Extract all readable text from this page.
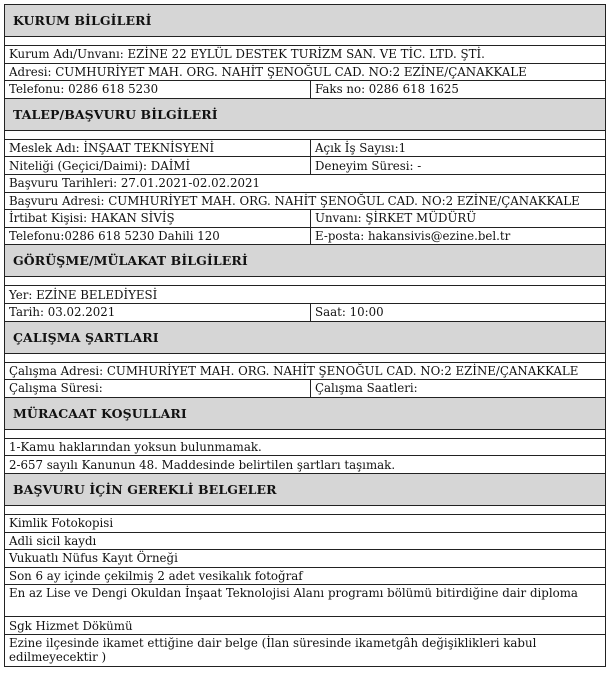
KURUM BİLGİLERİ
Kurum Adı/Unvanı: EZİNE 22 EYLÜL DESTEK TURİZM SAN. VE TİC. LTD. ŞTİ.
Adresi: CUMHURİYET MAH. ORG. NAHİT ŞENOĞUL CAD. NO:2 EZİNE/ÇANAKKALE
Telefonu: 0286 618 5230	Faks no: 0286 618 1625
TALEP/BAŞVURU BİLGİLERİ
Meslek Adı: İNŞAAT TEKNİSYENİ	Açık İş Sayısı:1
Niteliği (Geçici/Daimi): DAİMİ	Deneyim Süresi: -
Başvuru Tarihleri: 27.01.2021-02.02.2021
Başvuru Adresi: CUMHURİYET MAH. ORG. NAHİT ŞENOĞUL CAD. NO:2 EZİNE/ÇANAKKALE
İrtibat Kişisi: HAKAN SİVİŞ	Unvanı: ŞİRKET MÜDÜRÜ
Telefonu:0286 618 5230 Dahili 120	E-posta: hakansivis@ezine.bel.tr
GÖRÜŞME/MÜLAKAT BİLGİLERİ
Yer: EZİNE BELEDİYESİ
Tarih: 03.02.2021	Saat: 10:00
ÇALIŞMA ŞARTLARI
Çalışma Adresi: CUMHURİYET MAH. ORG. NAHİT ŞENOĞUL CAD. NO:2 EZİNE/ÇANAKKALE
Çalışma Süresi:	Çalışma Saatleri:
MÜRACAAT KOŞULLARI
1-Kamu haklarından yoksun bulunmamak.
2-657 sayılı Kanunun 48. Maddesinde belirtilen şartları taşımak.
BAŞVURU İÇİN GEREKLİ BELGELER
Kimlik Fotokopisi
Adli sicil kaydı
Vukuatlı Nüfus Kayıt Örneği
Son 6 ay içinde çekilmiş 2 adet vesikalık fotoğraf
En az Lise ve Dengi Okuldan İnşaat Teknolojisi Alanı programı bölümü bitirdiğine dair diploma
Sgk Hizmet Dökümü
Ezine ilçesinde ikamet ettiğine dair belge (İlan süresinde ikametgâh değişiklikleri kabul edilmeyecektir )
